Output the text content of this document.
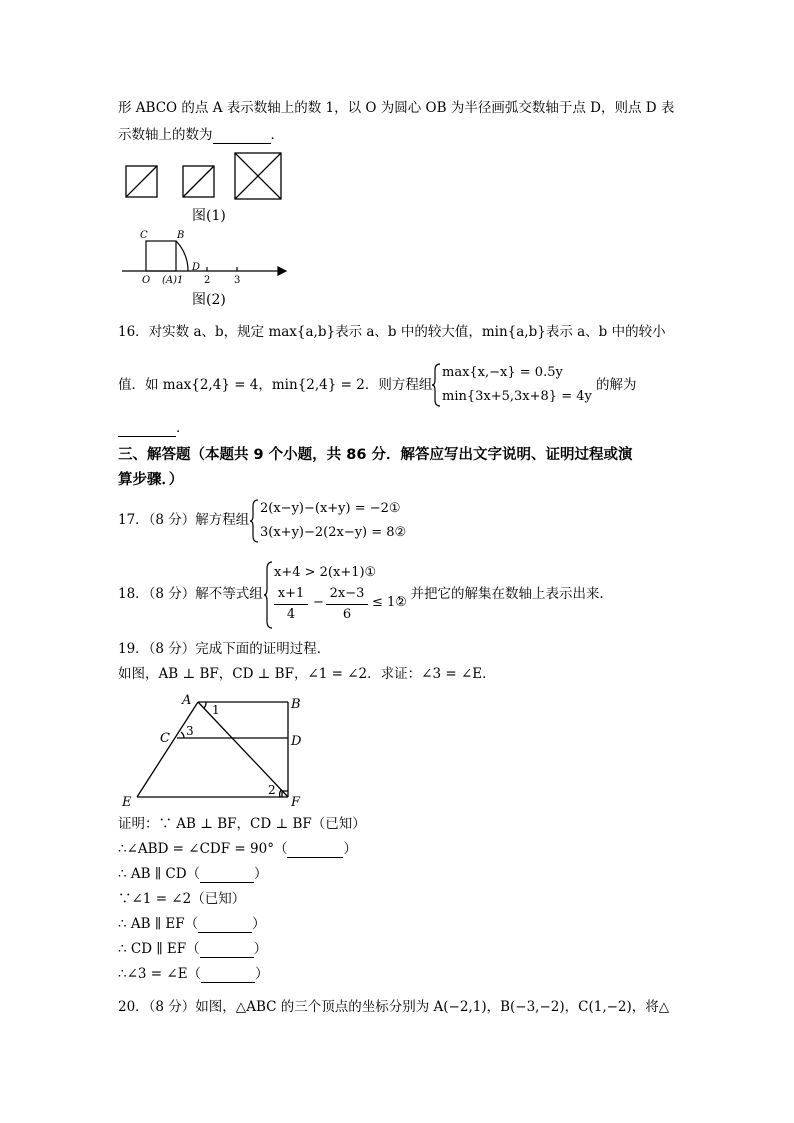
形 ABCO 的点 A 表示数轴上的数 1，以 O 为圆心 OB 为半径画弧交数轴于点 D，则点 D 表
示数轴上的数为	．
图(1)
C	B
O (A)1
D
2 3
图(2)
16．对实数 a、b，规定 max{a,b}表示 a、b 中的较大值，min{a,b}表示 a、b 中的较小
值．如 max{2,4} = 4，min{2,4} = 2．则方程组
max{x,−x} = 0.5y
min{3x+5,3x+8} = 4y
的解为
．
三、解答题（本题共 9 个小题，共 86 分．解答应写出文字说明、证明过程或演
算步骤．）
17．（8 分）解方程组
2(x−y)−(x+y) = −2①
3(x+y)−2(2x−y) = 8②
18．（8 分）解不等式组
x+4 > 2(x+1)①
$\frac{x+1}{4} - \frac{2x-3}{6}$ ≤ 1②
，并把它的解集在数轴上表示出来．
19．（8 分）完成下面的证明过程．
如图，AB ⊥ BF，CD ⊥ BF，∠1 = ∠2．求证：∠3 = ∠E．
A	B
C	D
E	F
1
3
2
证明：∵ AB ⊥ BF，CD ⊥ BF（已知）
∴∠ABD = ∠CDF = 90°（	）
∴ AB ∥ CD（	）
∵∠1 = ∠2（已知）
∴ AB ∥ EF（	）
∴ CD ∥ EF（	）
∴∠3 = ∠E（	）
20．（8 分）如图，△ABC 的三个顶点的坐标分别为 A(−2,1)，B(−3,−2)，C(1,−2)，将△
